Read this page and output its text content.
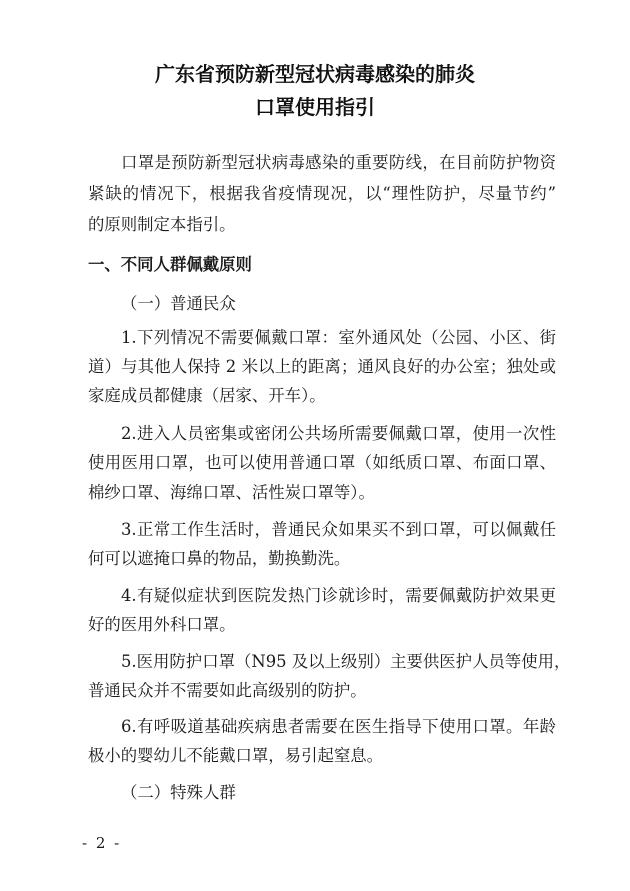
广东省预防新型冠状病毒感染的肺炎
口罩使用指引
口罩是预防新型冠状病毒感染的重要防线，在目前防护物资
紧缺的情况下，根据我省疫情现况，以“理性防护，尽量节约”
的原则制定本指引。
一、不同人群佩戴原则
（一）普通民众
1.下列情况不需要佩戴口罩：室外通风处（公园、小区、街
道）与其他人保持 2 米以上的距离；通风良好的办公室；独处或
家庭成员都健康（居家、开车）。
2.进入人员密集或密闭公共场所需要佩戴口罩，使用一次性
使用医用口罩，也可以使用普通口罩（如纸质口罩、布面口罩、
棉纱口罩、海绵口罩、活性炭口罩等）。
3.正常工作生活时，普通民众如果买不到口罩，可以佩戴任
何可以遮掩口鼻的物品，勤换勤洗。
4.有疑似症状到医院发热门诊就诊时，需要佩戴防护效果更
好的医用外科口罩。
5.医用防护口罩（N95 及以上级别）主要供医护人员等使用，
普通民众并不需要如此高级别的防护。
6.有呼吸道基础疾病患者需要在医生指导下使用口罩。年龄
极小的婴幼儿不能戴口罩，易引起窒息。
（二）特殊人群
- 2 -
